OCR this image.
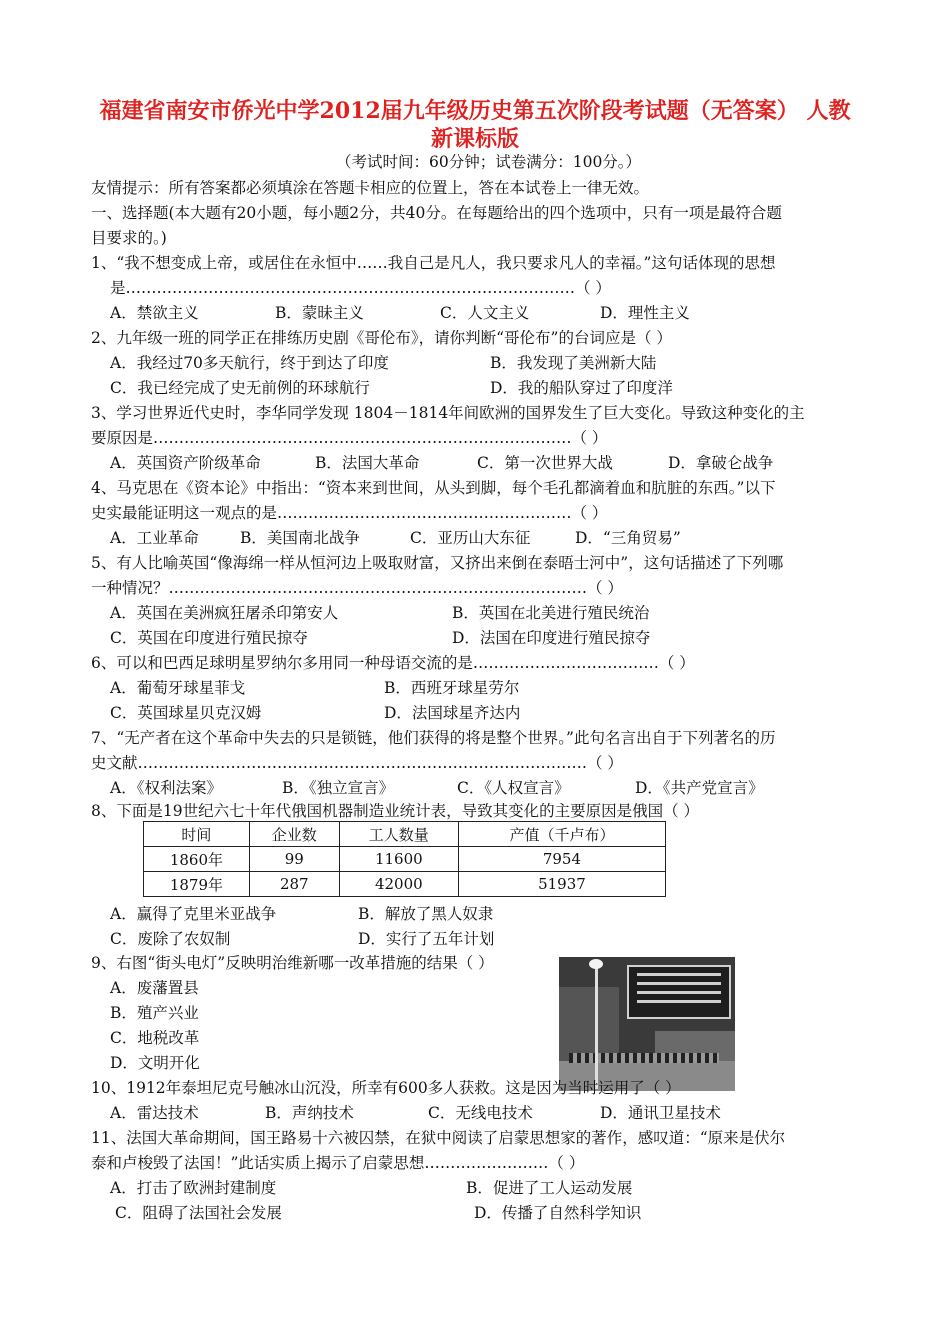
福建省南安市侨光中学2012届九年级历史第五次阶段考试题（无答案） 人教
新课标版
（考试时间：60分钟；试卷满分：100分。）
友情提示：所有答案都必须填涂在答题卡相应的位置上，答在本试卷上一律无效。
一、选择题(本大题有20小题，每小题2分，共40分。在每题给出的四个选项中，只有一项是最符合题
目要求的。)
1、“我不想变成上帝，或居住在永恒中……我自己是凡人，我只要求凡人的幸福。”这句话体现的思想
是……………………………………………………………………………（ ）
A．禁欲主义	B．蒙昧主义	C．人文主义	D．理性主义
2、九年级一班的同学正在排练历史剧《哥伦布》，请你判断“哥伦布”的台词应是（ ）
A．我经过70多天航行，终于到达了印度	B．我发现了美洲新大陆
C．我已经完成了史无前例的环球航行	D．我的船队穿过了印度洋
3、学习世界近代史时，李华同学发现 1804－1814年间欧洲的国界发生了巨大变化。导致这种变化的主
要原因是………………………………………………………………………（ ）
A．英国资产阶级革命	B．法国大革命	C．第一次世界大战	D．拿破仑战争
4、马克思在《资本论》中指出：“资本来到世间，从头到脚，每个毛孔都滴着血和肮脏的东西。”以下
史实最能证明这一观点的是…………………………………………………（ ）
A．工业革命	B．美国南北战争	C．亚历山大东征	D．“三角贸易”
5、有人比喻英国“像海绵一样从恒河边上吸取财富，又挤出来倒在泰晤士河中”，这句话描述了下列哪
一种情况？………………………………………………………………………（ ）
A．英国在美洲疯狂屠杀印第安人	B．英国在北美进行殖民统治
C．英国在印度进行殖民掠夺	D．法国在印度进行殖民掠夺
6、可以和巴西足球明星罗纳尔多用同一种母语交流的是………………………………（ ）
A．葡萄牙球星菲戈	B．西班牙球星劳尔
C．英国球星贝克汉姆	D．法国球星齐达内
7、“无产者在这个革命中失去的只是锁链，他们获得的将是整个世界。”此句名言出自于下列著名的历
史文献……………………………………………………………………………（ ）
A．《权利法案》	B．《独立宣言》	C．《人权宣言》	D．《共产党宣言》
8、下面是19世纪六七十年代俄国机器制造业统计表，导致其变化的主要原因是俄国（ ）
时间	企业数	工人数量	产值（千卢布）
1860年	99	11600	7954
1879年	287	42000	51937
A．赢得了克里米亚战争	B．解放了黑人奴隶
C．废除了农奴制	D．实行了五年计划
9、右图“街头电灯”反映明治维新哪一改革措施的结果（ ）
A．废藩置县
B．殖产兴业
C．地税改革
D．文明开化
10、1912年泰坦尼克号触冰山沉没，所幸有600多人获救。这是因为当时运用了（ ）
A．雷达技术	B．声纳技术	C．无线电技术	D．通讯卫星技术
11、法国大革命期间，国王路易十六被囚禁，在狱中阅读了启蒙思想家的著作，感叹道：“原来是伏尔
泰和卢梭毁了法国！”此话实质上揭示了启蒙思想……………………（ ）
A．打击了欧洲封建制度	B．促进了工人运动发展
C．阻碍了法国社会发展	D．传播了自然科学知识
